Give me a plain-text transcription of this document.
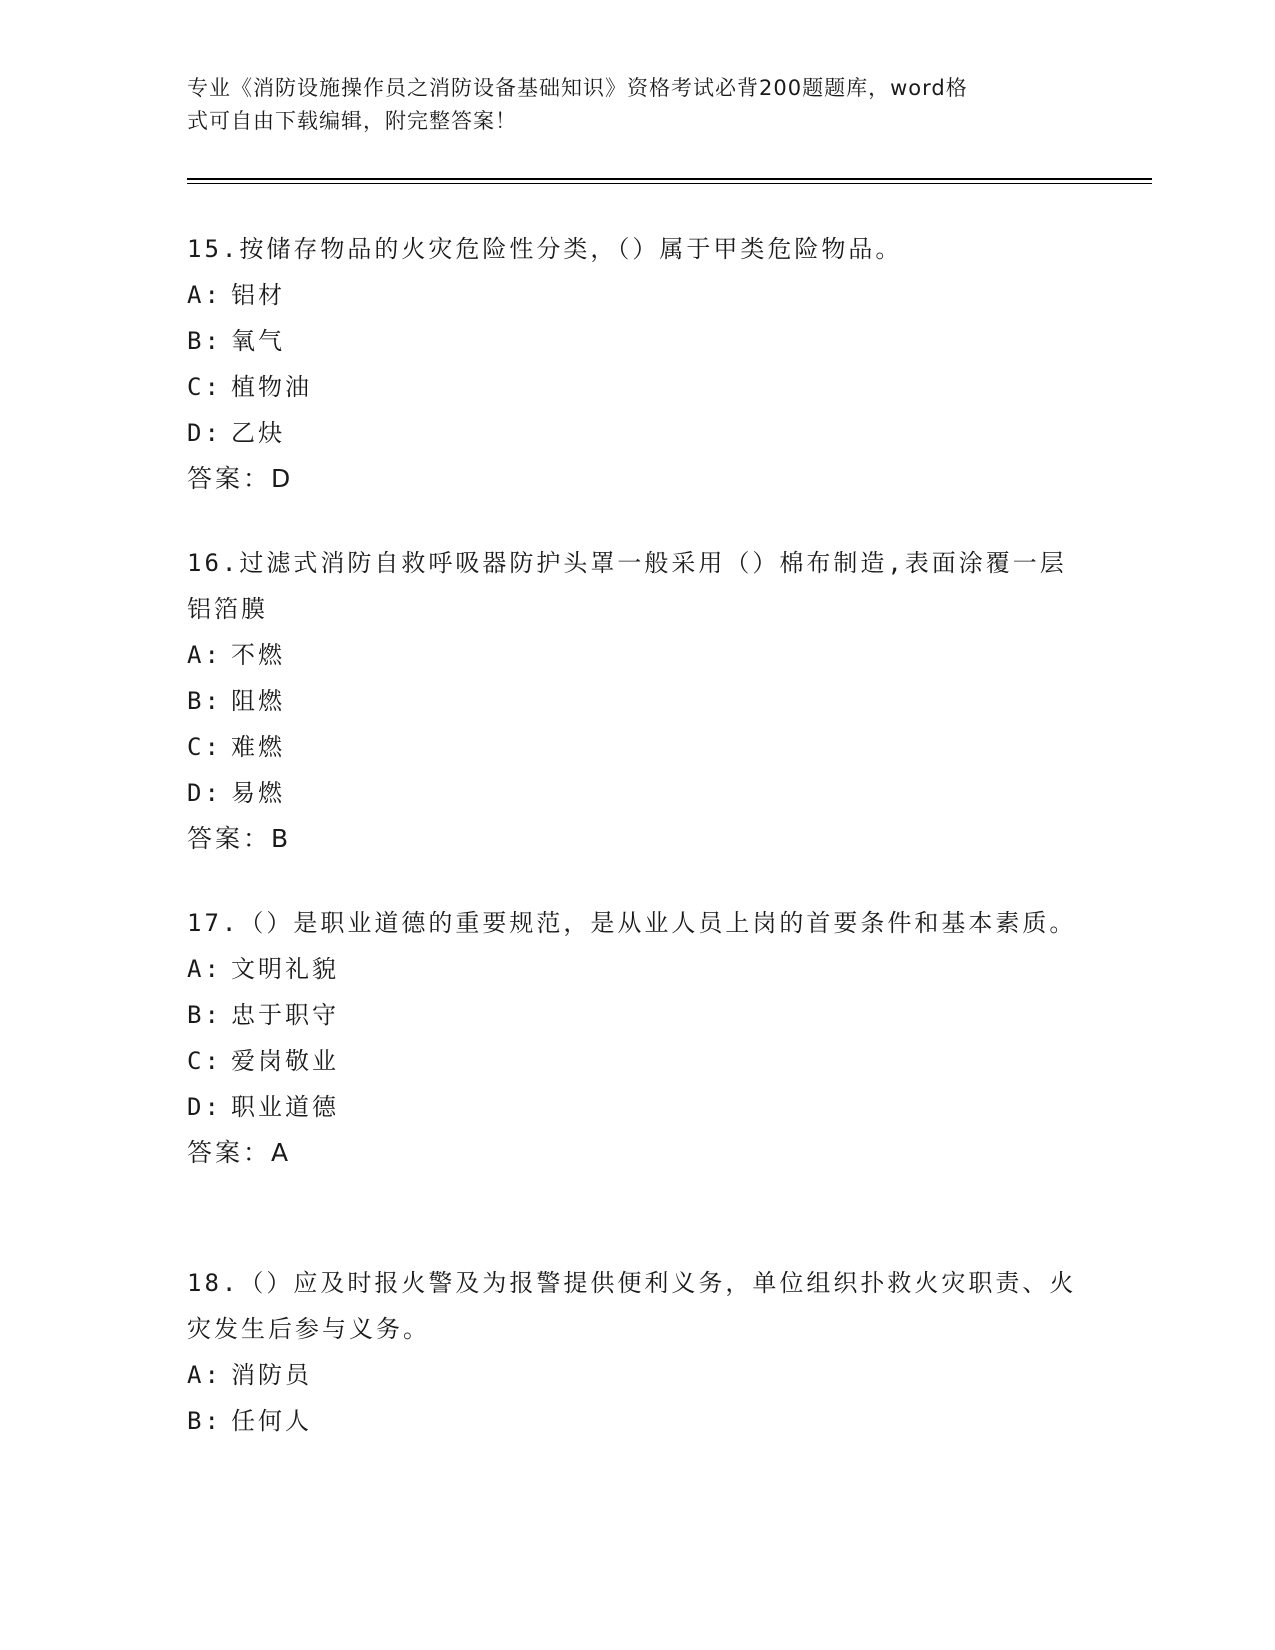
专业《消防设施操作员之消防设备基础知识》资格考试必背200题题库，word格
式可自由下载编辑，附完整答案！
15.按储存物品的火灾危险性分类，（）属于甲类危险物品。
A: 铝材
B: 氧气
C: 植物油
D: 乙炔
答案：D
16.过滤式消防自救呼吸器防护头罩一般采用（）棉布制造,表面涂覆一层铝箔膜
A: 不燃
B: 阻燃
C: 难燃
D: 易燃
答案：B
17.（）是职业道德的重要规范，是从业人员上岗的首要条件和基本素质。
A: 文明礼貌
B: 忠于职守
C: 爱岗敬业
D: 职业道德
答案：A
18.（）应及时报火警及为报警提供便利义务，单位组织扑救火灾职责、火灾发生后参与义务。
A: 消防员
B: 任何人
